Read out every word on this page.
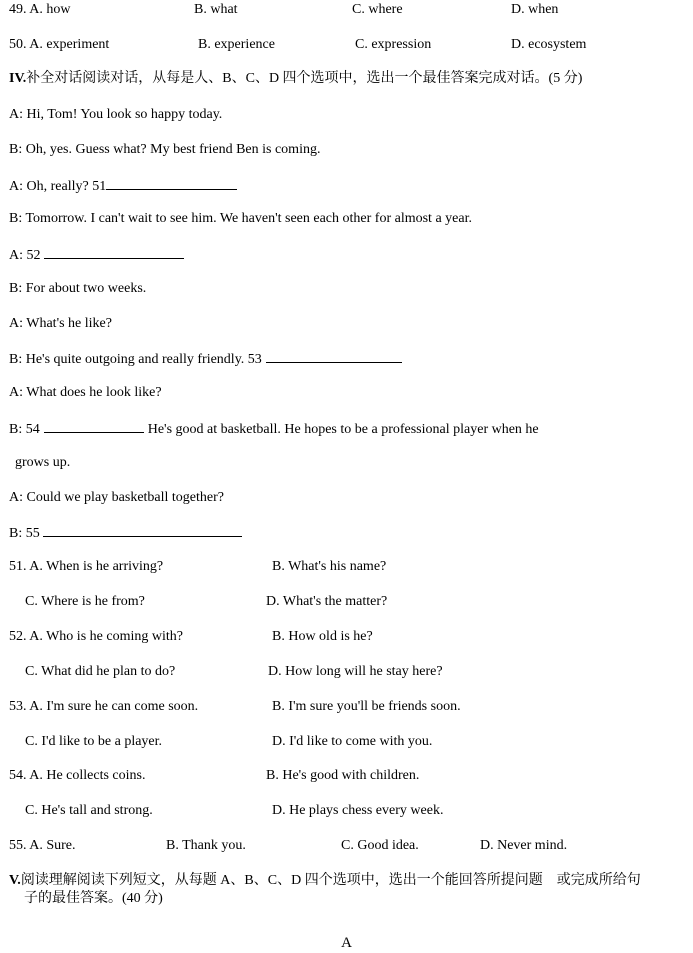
49. A. how	B. what	C. where	D. when
50. A. experiment	B. experience	C. expression	D. ecosystem
IV.补全对话阅读对话，从每是人、B、C、D 四个选项中，选出一个最佳答案完成对话。(5 分)
A: Hi, Tom! You look so happy today.
B: Oh, yes. Guess what? My best friend Ben is coming.
A: Oh, really? 51
B: Tomorrow. I can't wait to see him. We haven't seen each other for almost a year.
A: 52
B: For about two weeks.
A: What's he like?
B: He's quite outgoing and really friendly. 53
A: What does he look like?
B: 54	He's good at basketball. He hopes to be a professional player when he
grows up.
A: Could we play basketball together?
B: 55
51. A. When is he arriving?	B. What's his name?
C. Where is he from?	D. What's the matter?
52. A. Who is he coming with?	B. How old is he?
C. What did he plan to do?	D. How long will he stay here?
53. A. I'm sure he can come soon.	B. I'm sure you'll be friends soon.
C. I'd like to be a player.	D. I'd like to come with you.
54. A. He collects coins.	B. He's good with children.
C. He's tall and strong.	D. He plays chess every week.
55. A. Sure.	B. Thank you.	C. Good idea.	D. Never mind.
V.阅读理解阅读下列短文，从每题 A、B、C、D 四个选项中，选出一个能回答所提问题　或完成所给句
子的最佳答案。(40 分)
A
